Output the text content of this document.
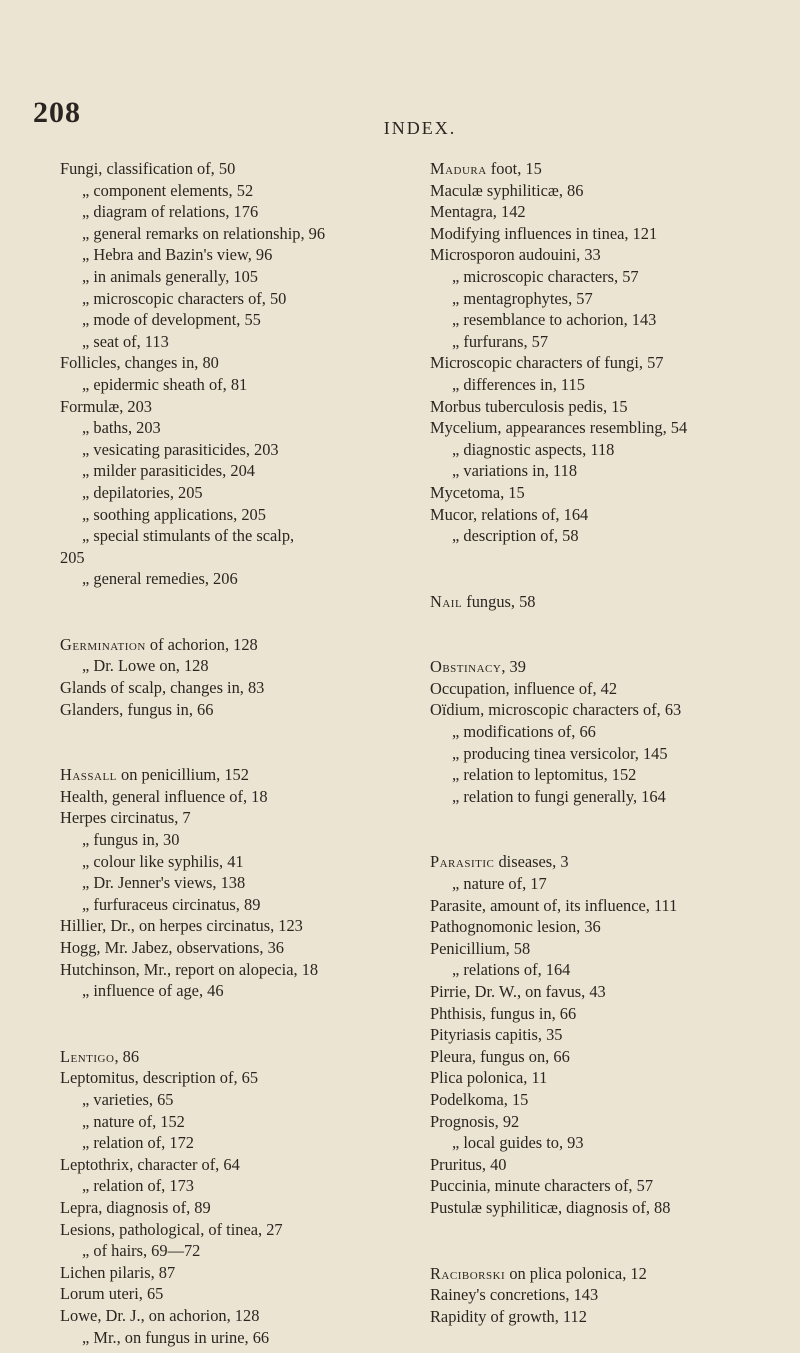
208	INDEX.
Fungi, classification of, 50
„ component elements, 52
„ diagram of relations, 176
„ general remarks on relationship, 96
„ Hebra and Bazin's view, 96
„ in animals generally, 105
„ microscopic characters of, 50
„ mode of development, 55
„ seat of, 113
Follicles, changes in, 80
„ epidermic sheath of, 81
Formulæ, 203
„ baths, 203
„ vesicating parasiticides, 203
„ milder parasiticides, 204
„ depilatories, 205
„ soothing applications, 205
„ special stimulants of the scalp,
205
„ general remedies, 206
Germination of achorion, 128
„ Dr. Lowe on, 128
Glands of scalp, changes in, 83
Glanders, fungus in, 66
Hassall on penicillium, 152
Health, general influence of, 18
Herpes circinatus, 7
„ fungus in, 30
„ colour like syphilis, 41
„ Dr. Jenner's views, 138
„ furfuraceus circinatus, 89
Hillier, Dr., on herpes circinatus, 123
Hogg, Mr. Jabez, observations, 36
Hutchinson, Mr., report on alopecia, 18
„ influence of age, 46
Lentigo, 86
Leptomitus, description of, 65
„ varieties, 65
„ nature of, 152
„ relation of, 172
Leptothrix, character of, 64
„ relation of, 173
Lepra, diagnosis of, 89
Lesions, pathological, of tinea, 27
„ of hairs, 69—72
Lichen pilaris, 87
Lorum uteri, 65
Lowe, Dr. J., on achorion, 128
„ Mr., on fungus in urine, 66
Madura foot, 15
Maculæ syphiliticæ, 86
Mentagra, 142
Modifying influences in tinea, 121
Microsporon audouini, 33
„ microscopic characters, 57
„ mentagrophytes, 57
„ resemblance to achorion, 143
„ furfurans, 57
Microscopic characters of fungi, 57
„ differences in, 115
Morbus tuberculosis pedis, 15
Mycelium, appearances resembling, 54
„ diagnostic aspects, 118
„ variations in, 118
Mycetoma, 15
Mucor, relations of, 164
„ description of, 58
Nail fungus, 58
Obstinacy, 39
Occupation, influence of, 42
Oïdium, microscopic characters of, 63
„ modifications of, 66
„ producing tinea versicolor, 145
„ relation to leptomitus, 152
„ relation to fungi generally, 164
Parasitic diseases, 3
„ nature of, 17
Parasite, amount of, its influence, 111
Pathognomonic lesion, 36
Penicillium, 58
„ relations of, 164
Pirrie, Dr. W., on favus, 43
Phthisis, fungus in, 66
Pityriasis capitis, 35
Pleura, fungus on, 66
Plica polonica, 11
Podelkoma, 15
Prognosis, 92
„ local guides to, 93
Pruritus, 40
Puccinia, minute characters of, 57
Pustulæ syphiliticæ, diagnosis of, 88
Raciborski on plica polonica, 12
Rainey's concretions, 143
Rapidity of growth, 112
